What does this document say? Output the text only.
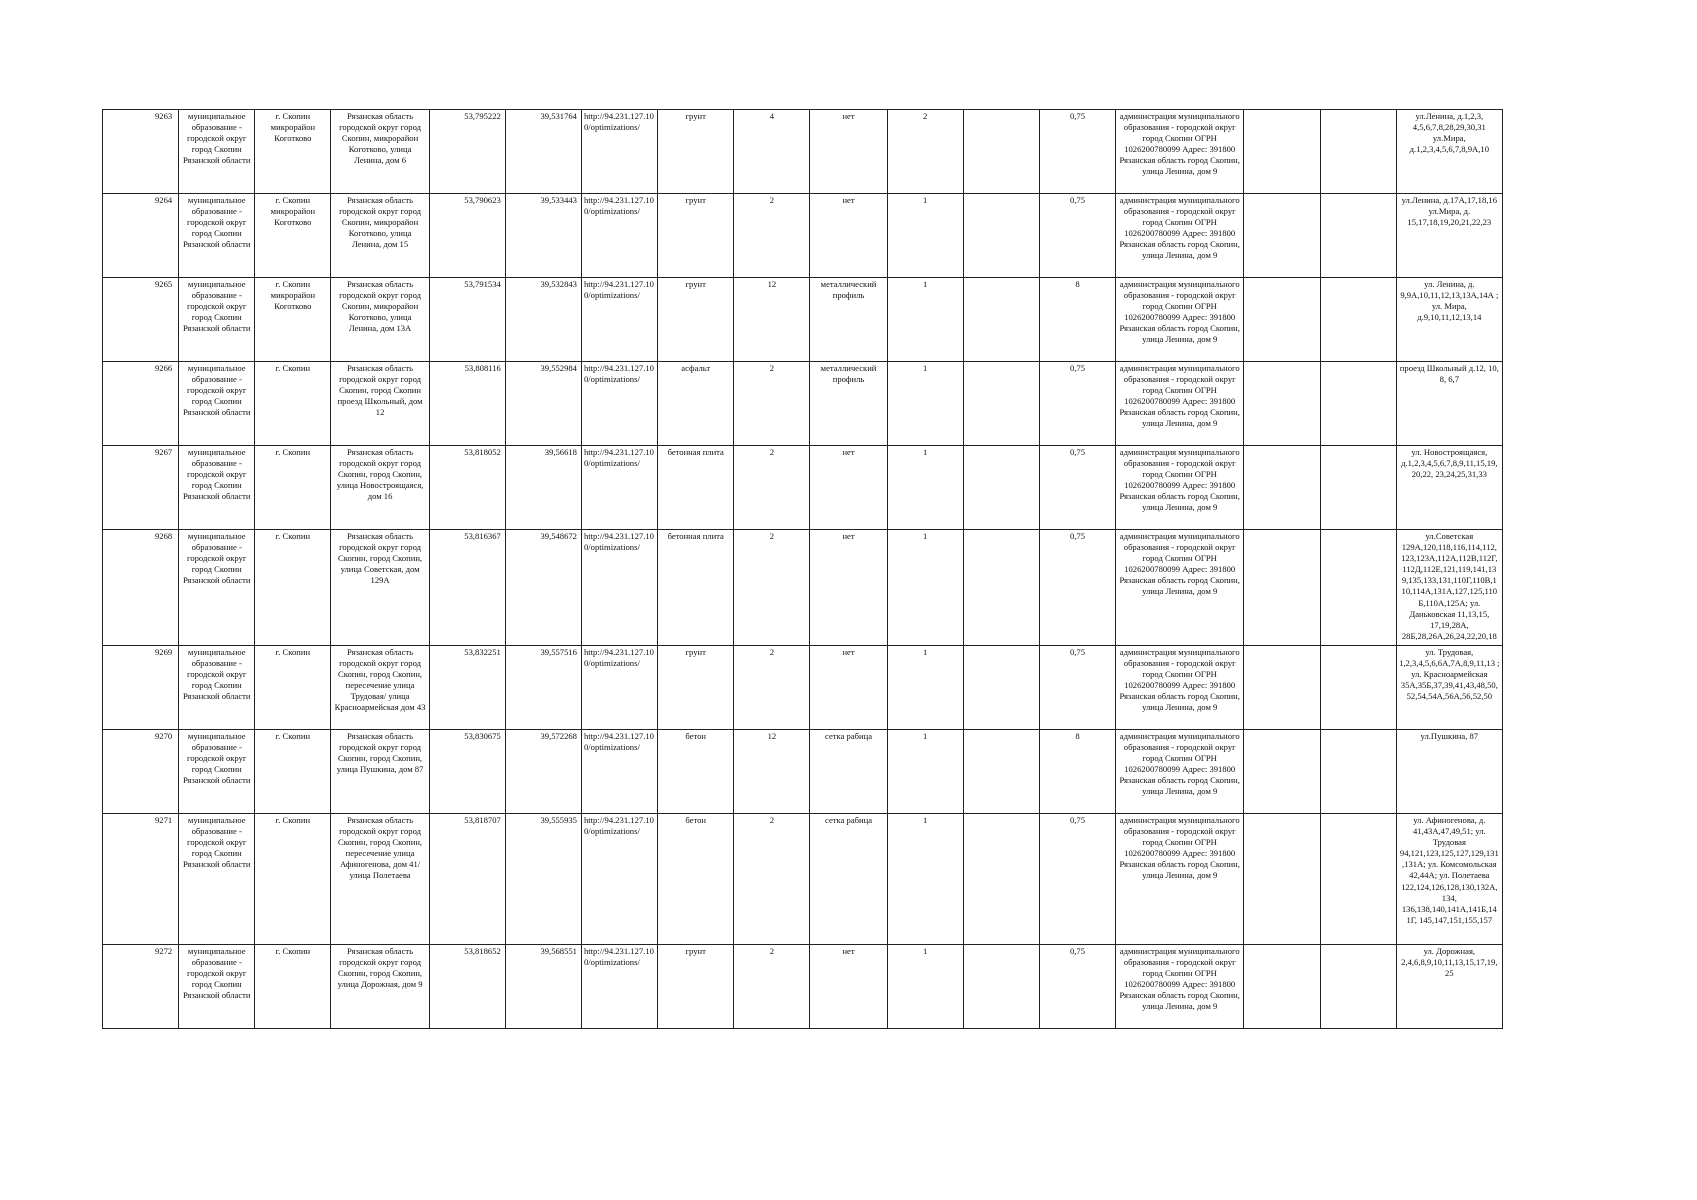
9263	муниципальное образование - городской округ город Скопин Рязанской области	г. Скопин микрорайон Коготково	Рязанская область городской округ город Скопин, микрорайон Коготково, улица Ленина, дом 6	53,795222	39,531764	http://94.231.127.10 0/optimizations/	грунт	4	нет	2		0,75	администрация муниципального образования - городской округ город Скопин ОГРН 1026200780099 Адрес: 391800 Рязанская область город Скопин, улица Ленина, дом 9			ул.Ленина, д.1,2,3, 4,5,6,7,8,28,29,30,31 ул.Мира, д.1,2,3,4,5,6,7,8,9А,10
9264	муниципальное образование - городской округ город Скопин Рязанской области	г. Скопин микрорайон Коготково	Рязанская область городской округ город Скопин, микрорайон Коготково, улица Ленина, дом 15	53,790623	39,533443	http://94.231.127.10 0/optimizations/	грунт	2	нет	1		0,75	администрация муниципального образования - городской округ город Скопин ОГРН 1026200780099 Адрес: 391800 Рязанская область город Скопин, улица Ленина, дом 9			ул.Ленина, д.17А,17,18,16 ул.Мира, д. 15,17,18,19,20,21,22,23
9265	муниципальное образование - городской округ город Скопин Рязанской области	г. Скопин микрорайон Коготково	Рязанская область городской округ город Скопин, микрорайон Коготково, улица Ленина, дом 13А	53,791534	39,532843	http://94.231.127.10 0/optimizations/	грунт	12	металлический профиль	1		8	администрация муниципального образования - городской округ город Скопин ОГРН 1026200780099 Адрес: 391800 Рязанская область город Скопин, улица Ленина, дом 9			ул. Ленина, д. 9,9А,10,11,12,13,13А,14А ; ул. Мира, д.9,10,11,12,13,14
9266	муниципальное образование - городской округ город Скопин Рязанской области	г. Скопин	Рязанская область городской округ город Скопин, город Скопин проезд Школьный, дом 12	53,808116	39,552984	http://94.231.127.10 0/optimizations/	асфальт	2	металлический профиль	1		0,75	администрация муниципального образования - городской округ город Скопин ОГРН 1026200780099 Адрес: 391800 Рязанская область город Скопин, улица Ленина, дом 9			проезд Школьный д.12, 10, 8, 6,7
9267	муниципальное образование - городской округ город Скопин Рязанской области	г. Скопин	Рязанская область городской округ город Скопин, город Скопин, улица Новостроящаяся, дом 16	53,818052	39,56618	http://94.231.127.10 0/optimizations/	бетонная плита	2	нет	1		0,75	администрация муниципального образования - городской округ город Скопин ОГРН 1026200780099 Адрес: 391800 Рязанская область город Скопин, улица Ленина, дом 9			ул. Новостроящаяся, д.1,2,3,4,5,6,7,8,9,11,15,19, 20,22, 23,24,25,31,33
9268	муниципальное образование - городской округ город Скопин Рязанской области	г. Скопин	Рязанская область городской округ город Скопин, город Скопин, улица Советская, дом 129А	53,816367	39,548672	http://94.231.127.10 0/optimizations/	бетонная плита	2	нет	1		0,75	администрация муниципального образования - городской округ город Скопин ОГРН 1026200780099 Адрес: 391800 Рязанская область город Скопин, улица Ленина, дом 9			ул.Советская 129А,120,118,116,114,112, 123,123А,112А,112В,112Г, 112Д,112Е,121,119,141,13 9,135,133,131,110Г,110В,1 10,114А,131А,127,125,110 Б,110А,125А; ул. Даньковская 11,13,15, 17,19,28А, 28Б,28,26А,26,24,22,20,18
9269	муниципальное образование - городской округ город Скопин Рязанской области	г. Скопин	Рязанская область городской округ город Скопин, город Скопин, пересечение улица Трудовая/ улица Красноармейская дом 43	53,832251	39,557516	http://94.231.127.10 0/optimizations/	грунт	2	нет	1		0,75	администрация муниципального образования - городской округ город Скопин ОГРН 1026200780099 Адрес: 391800 Рязанская область город Скопин, улица Ленина, дом 9			ул. Трудовая, 1,2,3,4,5,6,6А,7А,8,9,11,13 ; ул. Красноармейская 35А,35Б,37,39,41,43,48,50, 52,54,54А,56А,56,52,50
9270	муниципальное образование - городской округ город Скопин Рязанской области	г. Скопин	Рязанская область городской округ город Скопин, город Скопин, улица Пушкина, дом 87	53,830675	39,572268	http://94.231.127.10 0/optimizations/	бетон	12	сетка рабица	1		8	администрация муниципального образования - городской округ город Скопин ОГРН 1026200780099 Адрес: 391800 Рязанская область город Скопин, улица Ленина, дом 9			ул.Пушкина, 87
9271	муниципальное образование - городской округ город Скопин Рязанской области	г. Скопин	Рязанская область городской округ город Скопин, город Скопин, пересечение улица Афиногенова, дом 41/ улица Полетаева	53,818707	39,555935	http://94.231.127.10 0/optimizations/	бетон	2	сетка рабица	1		0,75	администрация муниципального образования - городской округ город Скопин ОГРН 1026200780099 Адрес: 391800 Рязанская область город Скопин, улица Ленина, дом 9			ул. Афиногенова, д. 41,43А,47,49,51; ул. Трудовая 94,121,123,125,127,129,131 ,131А; ул. Комсомольская 42,44А; ул. Полетаева 122,124,126,128,130,132А, 134, 136,138,140,141А,141Б,14 1Г, 145,147,151,155,157
9272	муниципальное образование - городской округ город Скопин Рязанской области	г. Скопин	Рязанская область городской округ город Скопин, город Скопин, улица Дорожная, дом 9	53,818652	39,568551	http://94.231.127.10 0/optimizations/	грунт	2	нет	1		0,75	администрация муниципального образования - городской округ город Скопин ОГРН 1026200780099 Адрес: 391800 Рязанская область город Скопин, улица Ленина, дом 9			ул. Дорожная, 2,4,6,8,9,10,11,13,15,17,19, 25
